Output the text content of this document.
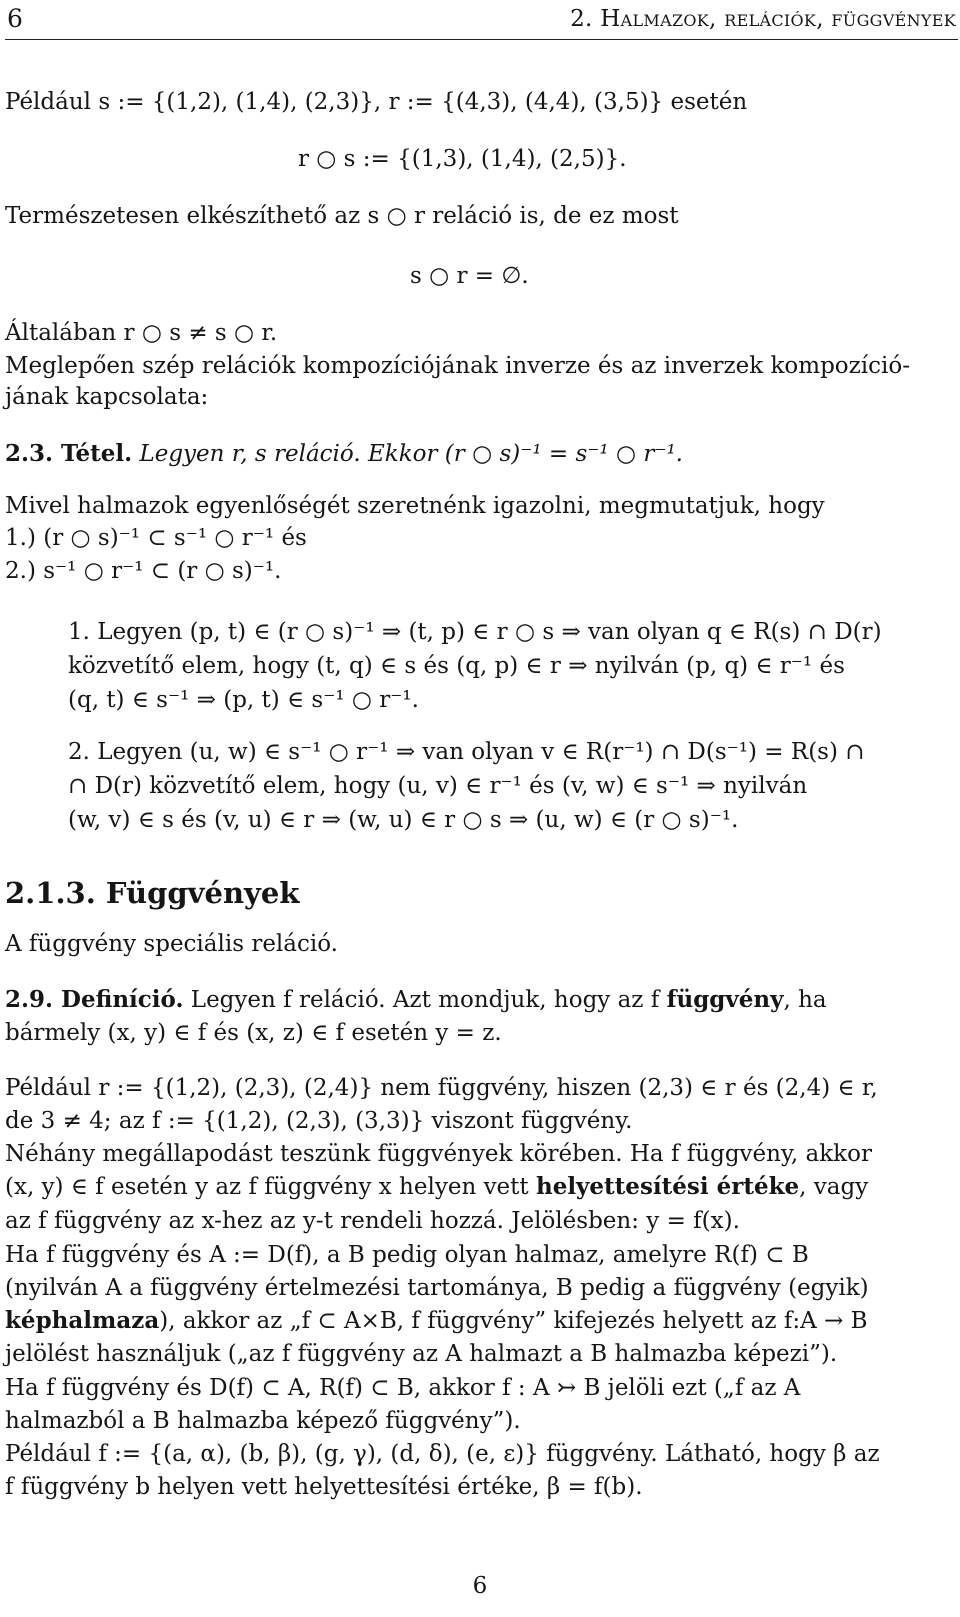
6	2. Halmazok, relációk, függvények
Például s := {(1,2), (1,4), (2,3)}, r := {(4,3), (4,4), (3,5)} esetén
r ○ s := {(1,3), (1,4), (2,5)}.
Természetesen elkészíthető az s ○ r reláció is, de ez most
s ○ r = ∅.
Általában r ○ s ≠ s ○ r.
Meglepően szép relációk kompozíciójának inverze és az inverzek kompozíció-
jának kapcsolata:
2.3. Tétel. Legyen r, s reláció. Ekkor (r ○ s)⁻¹ = s⁻¹ ○ r⁻¹.
Mivel halmazok egyenlőségét szeretnénk igazolni, megmutatjuk, hogy
1.) (r ○ s)⁻¹ ⊂ s⁻¹ ○ r⁻¹ és
2.) s⁻¹ ○ r⁻¹ ⊂ (r ○ s)⁻¹.
1. Legyen (p, t) ∈ (r ○ s)⁻¹ ⇒ (t, p) ∈ r ○ s ⇒ van olyan q ∈ R(s) ∩ D(r)
közvetítő elem, hogy (t, q) ∈ s és (q, p) ∈ r ⇒ nyilván (p, q) ∈ r⁻¹ és
(q, t) ∈ s⁻¹ ⇒ (p, t) ∈ s⁻¹ ○ r⁻¹.
2. Legyen (u, w) ∈ s⁻¹ ○ r⁻¹ ⇒ van olyan v ∈ R(r⁻¹) ∩ D(s⁻¹) = R(s) ∩
∩ D(r) közvetítő elem, hogy (u, v) ∈ r⁻¹ és (v, w) ∈ s⁻¹ ⇒ nyilván
(w, v) ∈ s és (v, u) ∈ r ⇒ (w, u) ∈ r ○ s ⇒ (u, w) ∈ (r ○ s)⁻¹.
2.1.3. Függvények
A függvény speciális reláció.
2.9. Definíció. Legyen f reláció. Azt mondjuk, hogy az f függvény, ha
bármely (x, y) ∈ f és (x, z) ∈ f esetén y = z.
Például r := {(1,2), (2,3), (2,4)} nem függvény, hiszen (2,3) ∈ r és (2,4) ∈ r,
de 3 ≠ 4; az f := {(1,2), (2,3), (3,3)} viszont függvény.
Néhány megállapodást teszünk függvények körében. Ha f függvény, akkor
(x, y) ∈ f esetén y az f függvény x helyen vett helyettesítési értéke, vagy
az f függvény az x-hez az y-t rendeli hozzá. Jelölésben: y = f(x).
Ha f függvény és A := D(f), a B pedig olyan halmaz, amelyre R(f) ⊂ B
(nyilván A a függvény értelmezési tartománya, B pedig a függvény (egyik)
képhalmaza), akkor az „f ⊂ A×B, f függvény” kifejezés helyett az f:A → B
jelölést használjuk („az f függvény az A halmazt a B halmazba képezi”).
Ha f függvény és D(f) ⊂ A, R(f) ⊂ B, akkor f : A ↣ B jelöli ezt („f az A
halmazból a B halmazba képező függvény”).
Például f := {(a, α), (b, β), (g, γ), (d, δ), (e, ε)} függvény. Látható, hogy β az
f függvény b helyen vett helyettesítési értéke, β = f(b).
6
